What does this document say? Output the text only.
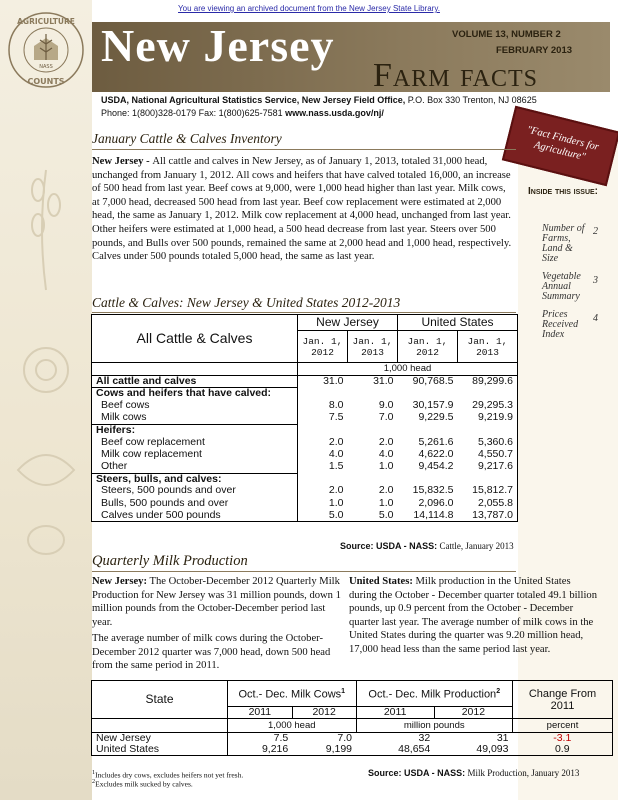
AGRICULTURE
COUNTS
NASS
You are viewing an archived document from the New Jersey State Library.
New Jersey	VOLUME 13, NUMBER 2
FEBRUARY 2013
Farm facts
USDA, National Agricultural Statistics Service, New Jersey Field Office, P.O. Box 330 Trenton, NJ 08625
Phone: 1(800)328-0179 Fax: 1(800)625-7581 www.nass.usda.gov/nj/
"Fact Finders for Agriculture"
Inside this issue:
Number of Farms, Land & Size
2
Vegetable Annual Summary
3
Prices Received Index
4
January Cattle & Calves Inventory
New Jersey - All cattle and calves in New Jersey, as of January 1, 2013, totaled 31,000 head, unchanged from January 1, 2012. All cows and heifers that have calved totaled 16,000, an increase of 500 head from last year. Beef cows at 9,000, were 1,000 head higher than last year. Milk cows, at 7,000 head, decreased 500 head from last year. Beef cow replacement were estimated at 2,000 head, the same as January 1, 2012. Milk cow replacement at 4,000 head, unchanged from last year. Other heifers were estimated at 1,000 head, a 500 head decrease from last year. Steers over 500 pounds, and Bulls over 500 pounds, remained the same at 2,000 head and 1,000 head, respectively. Calves under 500 pounds totaled 5,000 head, the same as last year.
Cattle & Calves: New Jersey & United States 2012-2013
All Cattle & Calves	New Jersey		United States	
	Jan. 1, 2012	Jan. 1, 2013	Jan. 1, 2012	Jan. 1, 2013
	1,000 head			
All cattle and calves	31.0	31.0	90,768.5	89,299.6
Cows and heifers that have calved:				
Beef cows	8.0	9.0	30,157.9	29,295.3
Milk cows	7.5	7.0	9,229.5	9,219.9
Heifers:				
Beef cow replacement	2.0	2.0	5,261.6	5,360.6
Milk cow replacement	4.0	4.0	4,622.0	4,550.7
Other	1.5	1.0	9,454.2	9,217.6
Steers, bulls, and calves:				
Steers, 500 pounds and over	2.0	2.0	15,832.5	15,812.7
Bulls, 500 pounds and over	1.0	1.0	2,096.0	2,055.8
Calves under 500 pounds	5.0	5.0	14,114.8	13,787.0
Source: USDA - NASS: Cattle, January 2013
Quarterly Milk Production
New Jersey: The October-December 2012 Quarterly Milk Production for New Jersey was 31 million pounds, down 1 million pounds from the October-December period last year.
The average number of milk cows during the October-December 2012 quarter was 7,000 head, down 500 head from the same period in 2011.
United States: Milk production in the United States during the October - December quarter totaled 49.1 billion pounds, up 0.9 percent from the October - December quarter last year. The average number of milk cows in the United States during the quarter was 9.20 million head, 17,000 head less than the same period last year.
State	Oct.- Dec. Milk Cows$^1$		Oct.- Dec. Milk Production$^2$		Change From 2011
	2011	2012	2011	2012	
	1,000 head		million pounds		percent
New Jersey	7.5	7.0	32	31	-3.1
United States	9,216	9,199	48,654	49,093	0.9
$^1$Includes dry cows, excludes heifers not yet fresh.
$^2$Excludes milk sucked by calves.
Source: USDA - NASS: Milk Production, January 2013
